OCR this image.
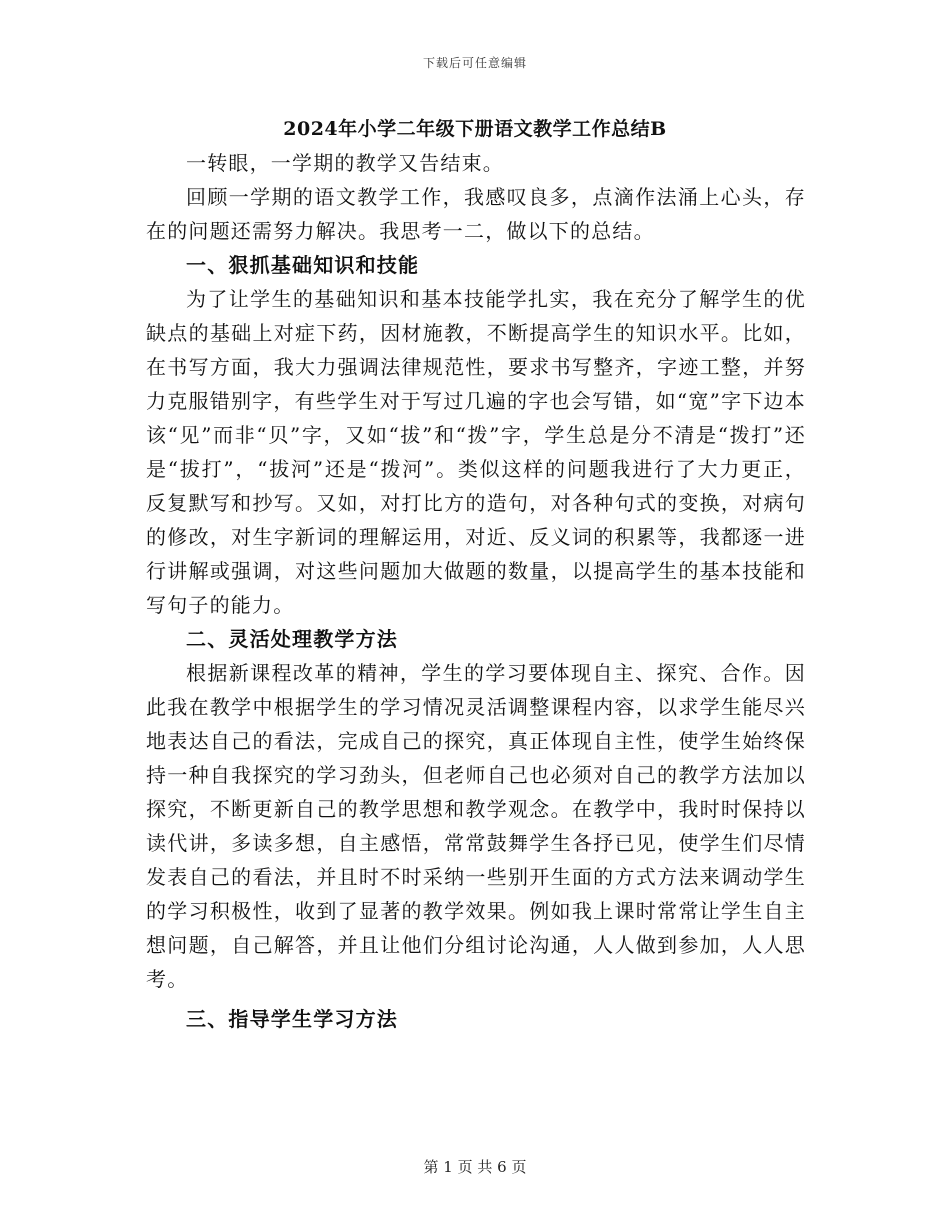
下载后可任意编辑
2024年小学二年级下册语文教学工作总结B

一转眼，一学期的教学又告结束。

回顾一学期的语文教学工作，我感叹良多，点滴作法涌上心头，存在的问题还需努力解决。我思考一二，做以下的总结。

一、狠抓基础知识和技能

为了让学生的基础知识和基本技能学扎实，我在充分了解学生的优缺点的基础上对症下药，因材施教，不断提高学生的知识水平。比如，在书写方面，我大力强调法律规范性，要求书写整齐，字迹工整，并努力克服错别字，有些学生对于写过几遍的字也会写错，如“宽”字下边本该“见”而非“贝”字，又如“拔”和“拨”字，学生总是分不清是“拨打”还是“拔打”，“拔河”还是“拨河”。类似这样的问题我进行了大力更正，反复默写和抄写。又如，对打比方的造句，对各种句式的变换，对病句的修改，对生字新词的理解运用，对近、反义词的积累等，我都逐一进行讲解或强调，对这些问题加大做题的数量，以提高学生的基本技能和写句子的能力。

二、灵活处理教学方法

根据新课程改革的精神，学生的学习要体现自主、探究、合作。因此我在教学中根据学生的学习情况灵活调整课程内容，以求学生能尽兴地表达自己的看法，完成自己的探究，真正体现自主性，使学生始终保持一种自我探究的学习劲头，但老师自己也必须对自己的教学方法加以探究，不断更新自己的教学思想和教学观念。在教学中，我时时保持以读代讲，多读多想，自主感悟，常常鼓舞学生各抒已见，使学生们尽情发表自己的看法，并且时不时采纳一些别开生面的方式方法来调动学生的学习积极性，收到了显著的教学效果。例如我上课时常常让学生自主想问题，自己解答，并且让他们分组讨论沟通，人人做到参加，人人思考。

三、指导学生学习方法
第 1 页 共 6 页
